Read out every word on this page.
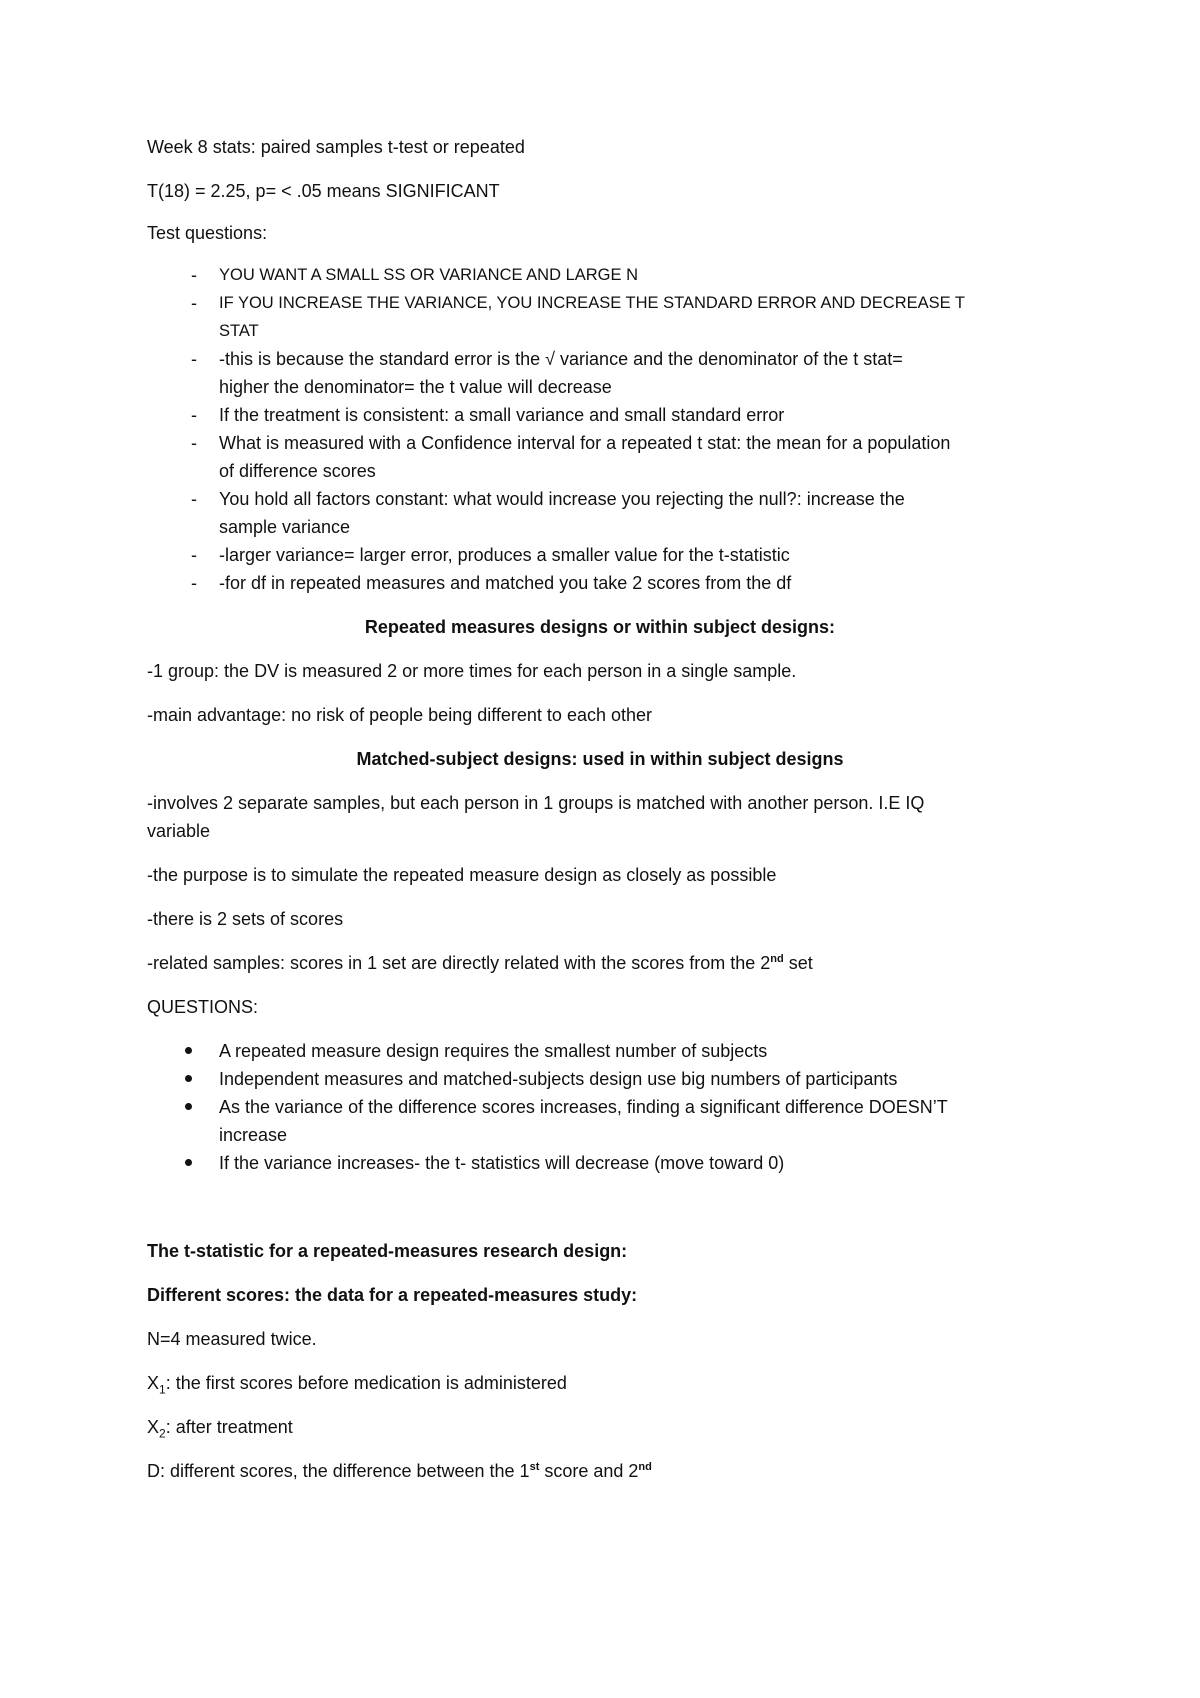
Week 8 stats: paired samples t-test or repeated
T(18) = 2.25, p= < .05 means SIGNIFICANT
Test questions:
- YOU WANT A SMALL SS OR VARIANCE AND LARGE N
- IF YOU INCREASE THE VARIANCE, YOU INCREASE THE STANDARD ERROR AND DECREASE T
STAT
- -this is because the standard error is the √ variance and the denominator of the t stat=
higher the denominator= the t value will decrease
- If the treatment is consistent: a small variance and small standard error
- What is measured with a Confidence interval for a repeated t stat: the mean for a population
of difference scores
- You hold all factors constant: what would increase you rejecting the null?: increase the
sample variance
- -larger variance= larger error, produces a smaller value for the t-statistic
- -for df in repeated measures and matched you take 2 scores from the df
Repeated measures designs or within subject designs:
-1 group: the DV is measured 2 or more times for each person in a single sample.
-main advantage: no risk of people being different to each other
Matched-subject designs: used in within subject designs
-involves 2 separate samples, but each person in 1 groups is matched with another person. I.E IQ
variable
-the purpose is to simulate the repeated measure design as closely as possible
-there is 2 sets of scores
-related samples: scores in 1 set are directly related with the scores from the 2nd set
QUESTIONS:
A repeated measure design requires the smallest number of subjects
Independent measures and matched-subjects design use big numbers of participants
As the variance of the difference scores increases, finding a significant difference DOESN’T
increase
If the variance increases- the t- statistics will decrease (move toward 0)
The t-statistic for a repeated-measures research design:
Different scores: the data for a repeated-measures study:
N=4 measured twice.
$X_1$: the first scores before medication is administered
$X_2$: after treatment
D: different scores, the difference between the 1st score and 2nd
